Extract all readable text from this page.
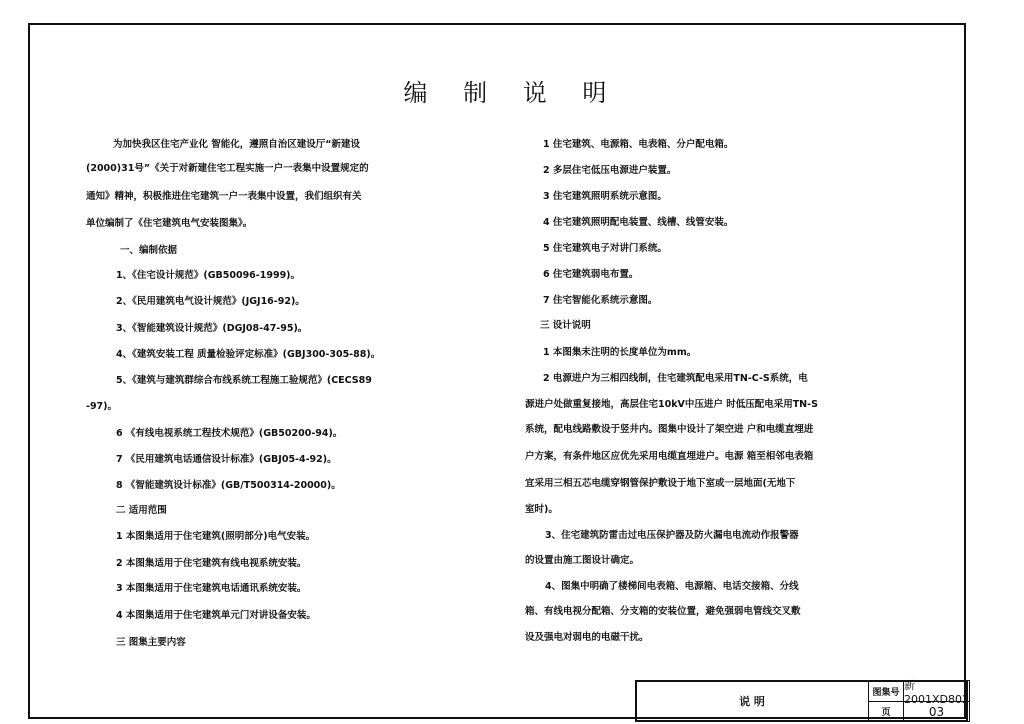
编 制 说 明
为加快我区住宅产业化 智能化，遵照自治区建设厅“新建设
(2000)31号”《关于对新建住宅工程实施一户一表集中设置规定的
通知》精神，积极推进住宅建筑一户一表集中设置，我们组织有关
单位编制了《住宅建筑电气安装图集》。
一、编制依据
1、《住宅设计规范》(GB50096-1999)。
2、《民用建筑电气设计规范》(JGJ16-92)。
3、《智能建筑设计规范》(DGJ08-47-95)。
4、《建筑安装工程 质量检验评定标准》(GBJ300-305-88)。
5、《建筑与建筑群综合布线系统工程施工验规范》(CECS89
-97)。
6 《有线电视系统工程技术规范》(GB50200-94)。
7 《民用建筑电话通信设计标准》(GBJ05-4-92)。
8 《智能建筑设计标准》(GB/T500314-20000)。
二 适用范围
1 本图集适用于住宅建筑(照明部分)电气安装。
2 本图集适用于住宅建筑有线电视系统安装。
3 本图集适用于住宅建筑电话通讯系统安装。
4 本图集适用于住宅建筑单元门对讲设备安装。
三 图集主要内容
1 住宅建筑、电源箱、电表箱、分户配电箱。
2 多层住宅低压电源进户装置。
3 住宅建筑照明系统示意图。
4 住宅建筑照明配电装置、线槽、线管安装。
5 住宅建筑电子对讲门系统。
6 住宅建筑弱电布置。
7 住宅智能化系统示意图。
三 设计说明
1 本图集未注明的长度单位为mm。
2 电源进户为三相四线制，住宅建筑配电采用TN-C-S系统，电
源进户处做重复接地，高层住宅10kV中压进户 时低压配电采用TN-S
系统，配电线路敷设于竖井内。图集中设计了架空进 户和电缆直埋进
户方案，有条件地区应优先采用电缆直埋进户。电源 箱至相邻电表箱
宜采用三相五芯电缆穿钢管保护敷设于地下室或一层地面(无地下
室时)。
3、住宅建筑防雷击过电压保护器及防火漏电电流动作报警器
的设置由施工图设计确定。
4、图集中明确了楼梯间电表箱、电源箱、电话交接箱、分线
箱、有线电视分配箱、分支箱的安装位置，避免强弱电管线交叉敷
设及强电对弱电的电磁干扰。
说 明
图集号
新2001XD802
页	03
